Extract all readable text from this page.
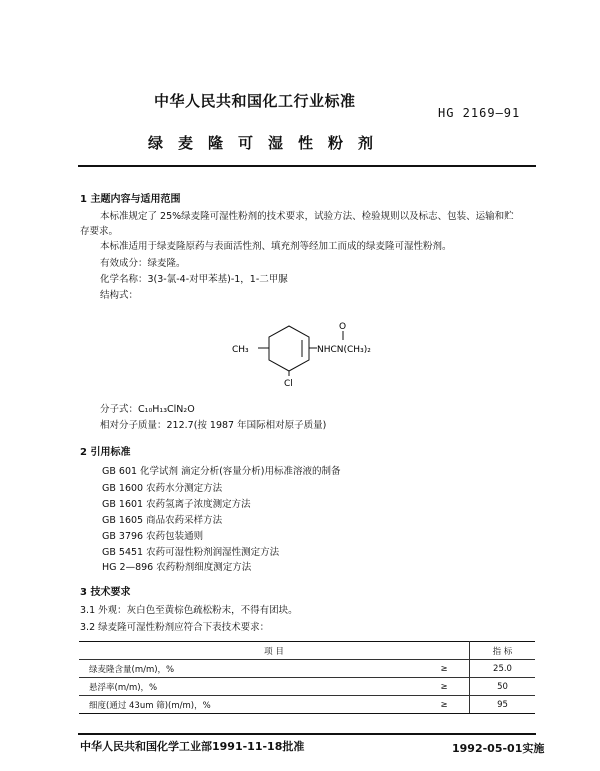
中华人民共和国化工行业标准
HG 2169—91
绿麦隆可湿性粉剂
1 主题内容与适用范围
本标准规定了 25%绿麦隆可湿性粉剂的技术要求，试验方法、检验规则以及标志、包装、运输和贮
存要求。
本标准适用于绿麦隆原药与表面活性剂、填充剂等经加工而成的绿麦隆可湿性粉剂。
有效成分：绿麦隆。
化学名称：3(3-氯-4-对甲苯基)-1，1-二甲脲
结构式：
CH₃	NHCN(CH₃)₂
O
Cl
分子式：C₁₀H₁₃ClN₂O
相对分子质量：212.7(按 1987 年国际相对原子质量)
2 引用标准
GB 601 化学试剂 滴定分析(容量分析)用标准溶液的制备
GB 1600 农药水分测定方法
GB 1601 农药氢离子浓度测定方法
GB 1605 商品农药采样方法
GB 3796 农药包装通则
GB 5451 农药可湿性粉剂润湿性测定方法
HG 2—896 农药粉剂细度测定方法
3 技术要求
3.1 外观：灰白色至黄棕色疏松粉末，不得有团块。
3.2 绿麦隆可湿性粉剂应符合下表技术要求：
项 目		指 标
绿麦隆含量(m/m)，%	≥	25.0
悬浮率(m/m)，%	≥	50
细度(通过 43um 筛)(m/m)，%	≥	95
中华人民共和国化学工业部1991-11-18批准	1992-05-01实施
